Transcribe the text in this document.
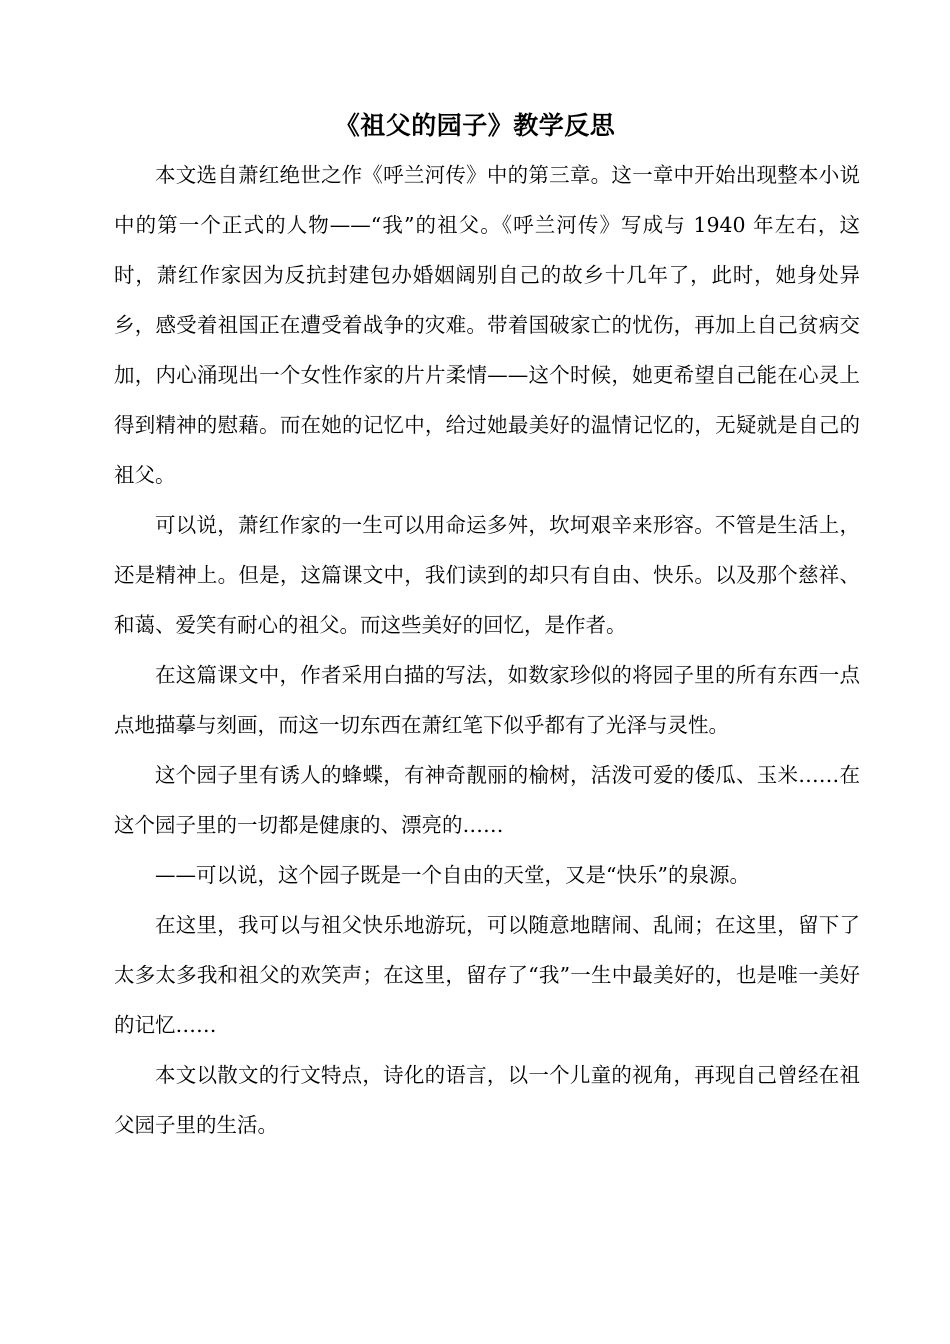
《祖父的园子》教学反思

本文选自萧红绝世之作《呼兰河传》中的第三章。这一章中开始出现整本小说中的第一个正式的人物——“我”的祖父。《呼兰河传》写成与 1940 年左右，这时，萧红作家因为反抗封建包办婚姻阔别自己的故乡十几年了，此时，她身处异乡，感受着祖国正在遭受着战争的灾难。带着国破家亡的忧伤，再加上自己贫病交加，内心涌现出一个女性作家的片片柔情——这个时候，她更希望自己能在心灵上得到精神的慰藉。而在她的记忆中，给过她最美好的温情记忆的，无疑就是自己的祖父。

可以说，萧红作家的一生可以用命运多舛，坎坷艰辛来形容。不管是生活上，还是精神上。但是，这篇课文中，我们读到的却只有自由、快乐。以及那个慈祥、和蔼、爱笑有耐心的祖父。而这些美好的回忆，是作者。

在这篇课文中，作者采用白描的写法，如数家珍似的将园子里的所有东西一点点地描摹与刻画，而这一切东西在萧红笔下似乎都有了光泽与灵性。

这个园子里有诱人的蜂蝶，有神奇靓丽的榆树，活泼可爱的倭瓜、玉米……在这个园子里的一切都是健康的、漂亮的……

——可以说，这个园子既是一个自由的天堂，又是“快乐”的泉源。

在这里，我可以与祖父快乐地游玩，可以随意地瞎闹、乱闹；在这里，留下了太多太多我和祖父的欢笑声；在这里，留存了“我”一生中最美好的，也是唯一美好的记忆……

本文以散文的行文特点，诗化的语言，以一个儿童的视角，再现自己曾经在祖父园子里的生活。
